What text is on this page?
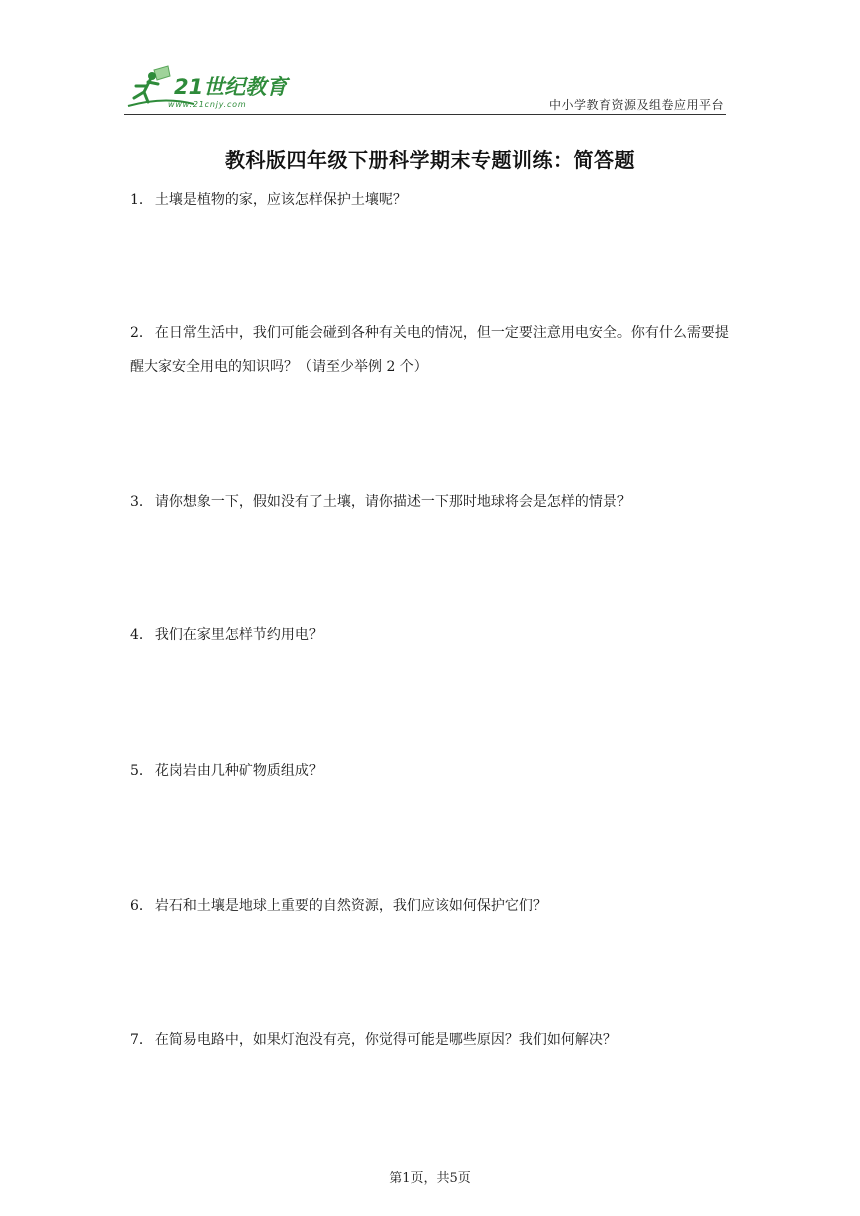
21世纪教育
www.21cnjy.com	中小学教育资源及组卷应用平台
教科版四年级下册科学期末专题训练：简答题
1． 土壤是植物的家，应该怎样保护土壤呢？
2． 在日常生活中，我们可能会碰到各种有关电的情况，但一定要注意用电安全。你有什么需要提醒大家安全用电的知识吗？（请至少举例 2 个）
3． 请你想象一下，假如没有了土壤，请你描述一下那时地球将会是怎样的情景？
4． 我们在家里怎样节约用电？
5． 花岗岩由几种矿物质组成？
6． 岩石和土壤是地球上重要的自然资源，我们应该如何保护它们？
7． 在简易电路中，如果灯泡没有亮，你觉得可能是哪些原因？我们如何解决？
第1页，共5页
